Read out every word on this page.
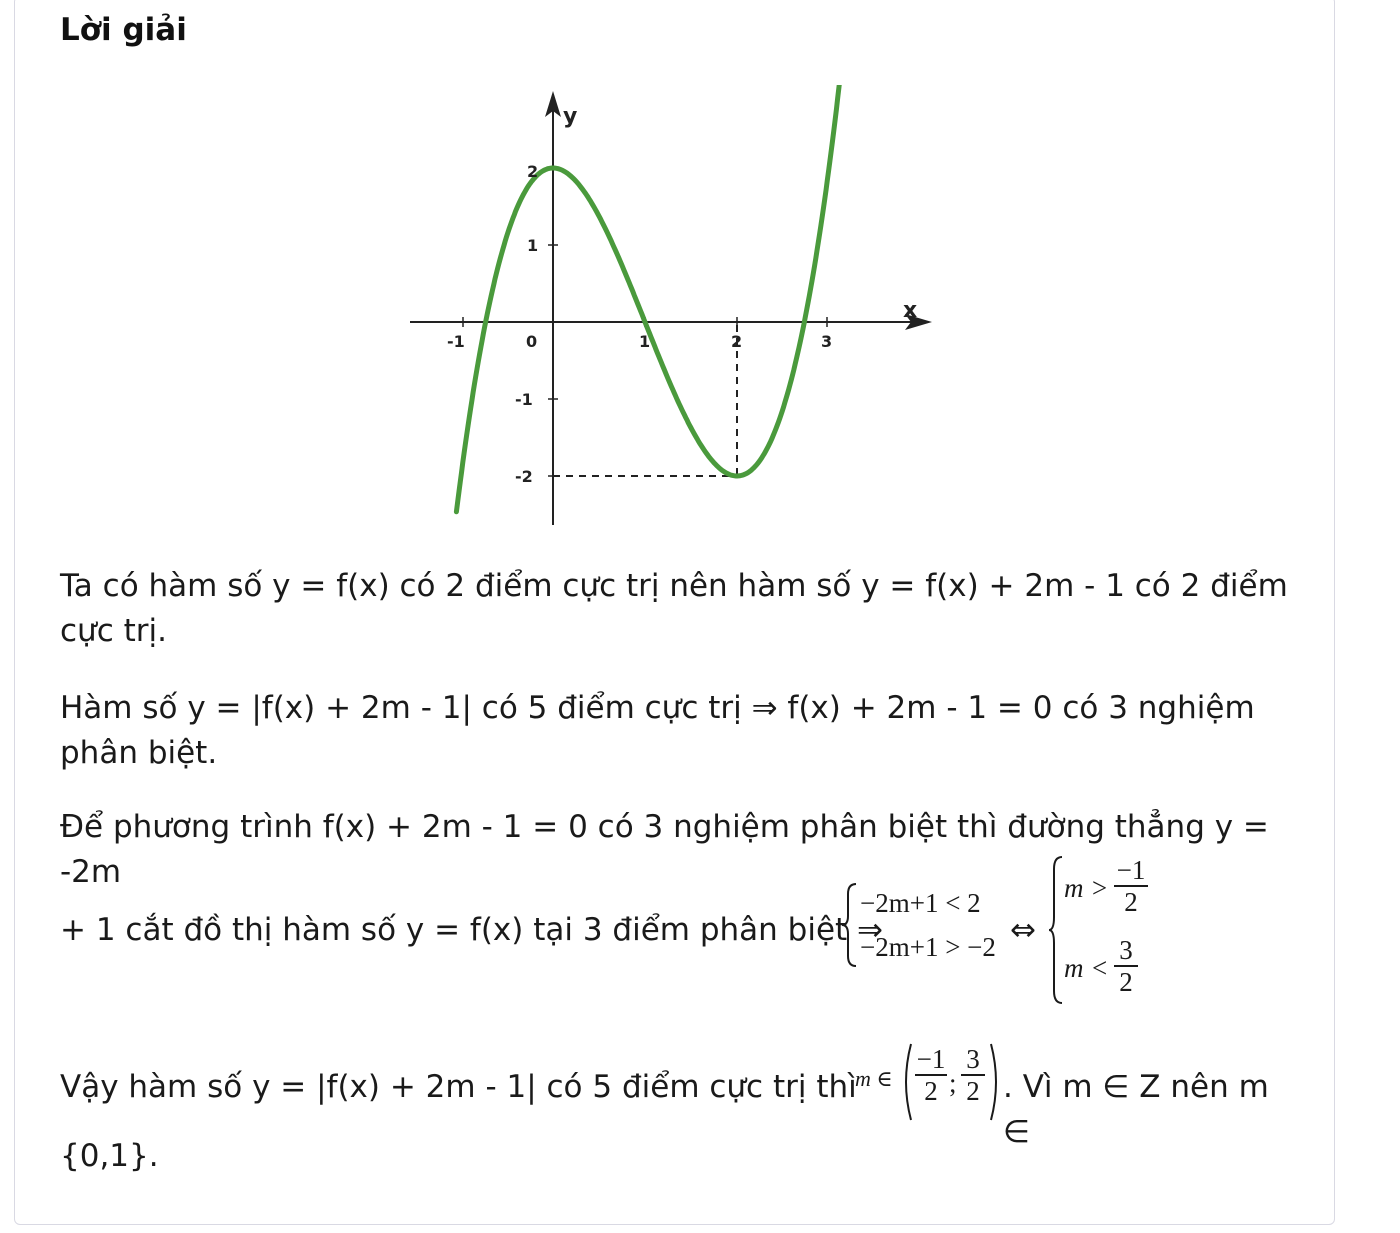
Lời giải
y
x
-1	0	1	2	3
2
1
-1
-2
Ta có hàm số y = f(x) có 2 điểm cực trị nên hàm số y = f(x) + 2m - 1 có 2 điểm cực trị.
Hàm số y = |f(x) + 2m - 1| có 5 điểm cực trị ⇒ f(x) + 2m - 1 = 0 có 3 nghiệm phân biệt.
Để phương trình f(x) + 2m - 1 = 0 có 3 nghiệm phân biệt thì đường thẳng y = -2m
+ 1 cắt đồ thị hàm số y = f(x) tại 3 điểm phân biệt ⇒
−2m+1 < 2
−2m+1 > −2 ⇔
m >
−1
2
m <
3
2
Vậy hàm số y = |f(x) + 2m - 1| có 5 điểm cực trị thì
m ∈
−1
2 ;
3
2 . Vì m ∈ Z nên m ∈
{0,1}.
